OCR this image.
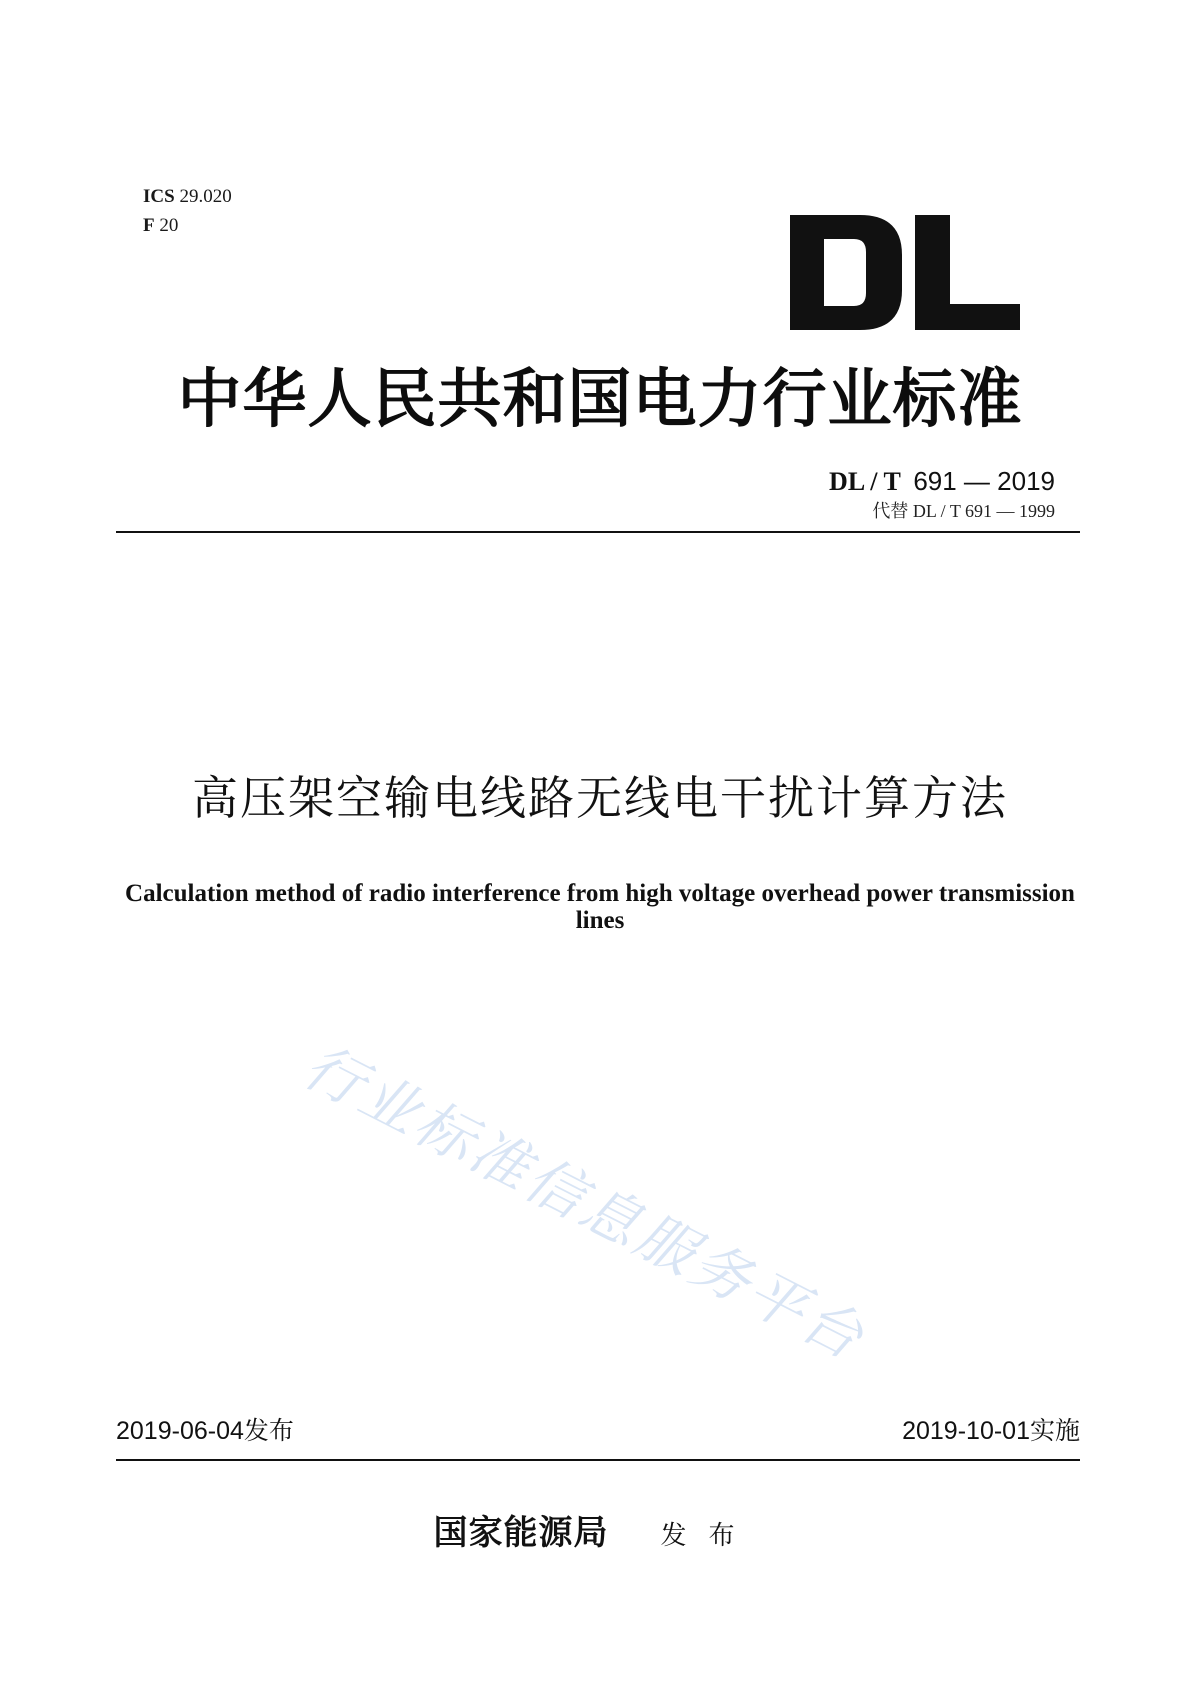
ICS 29.020
F 20
中华人民共和国电力行业标准
DL / T 691 — 2019
代替 DL / T 691 — 1999
高压架空输电线路无线电干扰计算方法
Calculation method of radio interference from high voltage overhead power transmission lines
行业标准信息服务平台
2019-06-04发布	2019-10-01实施
国家能源局 发布
